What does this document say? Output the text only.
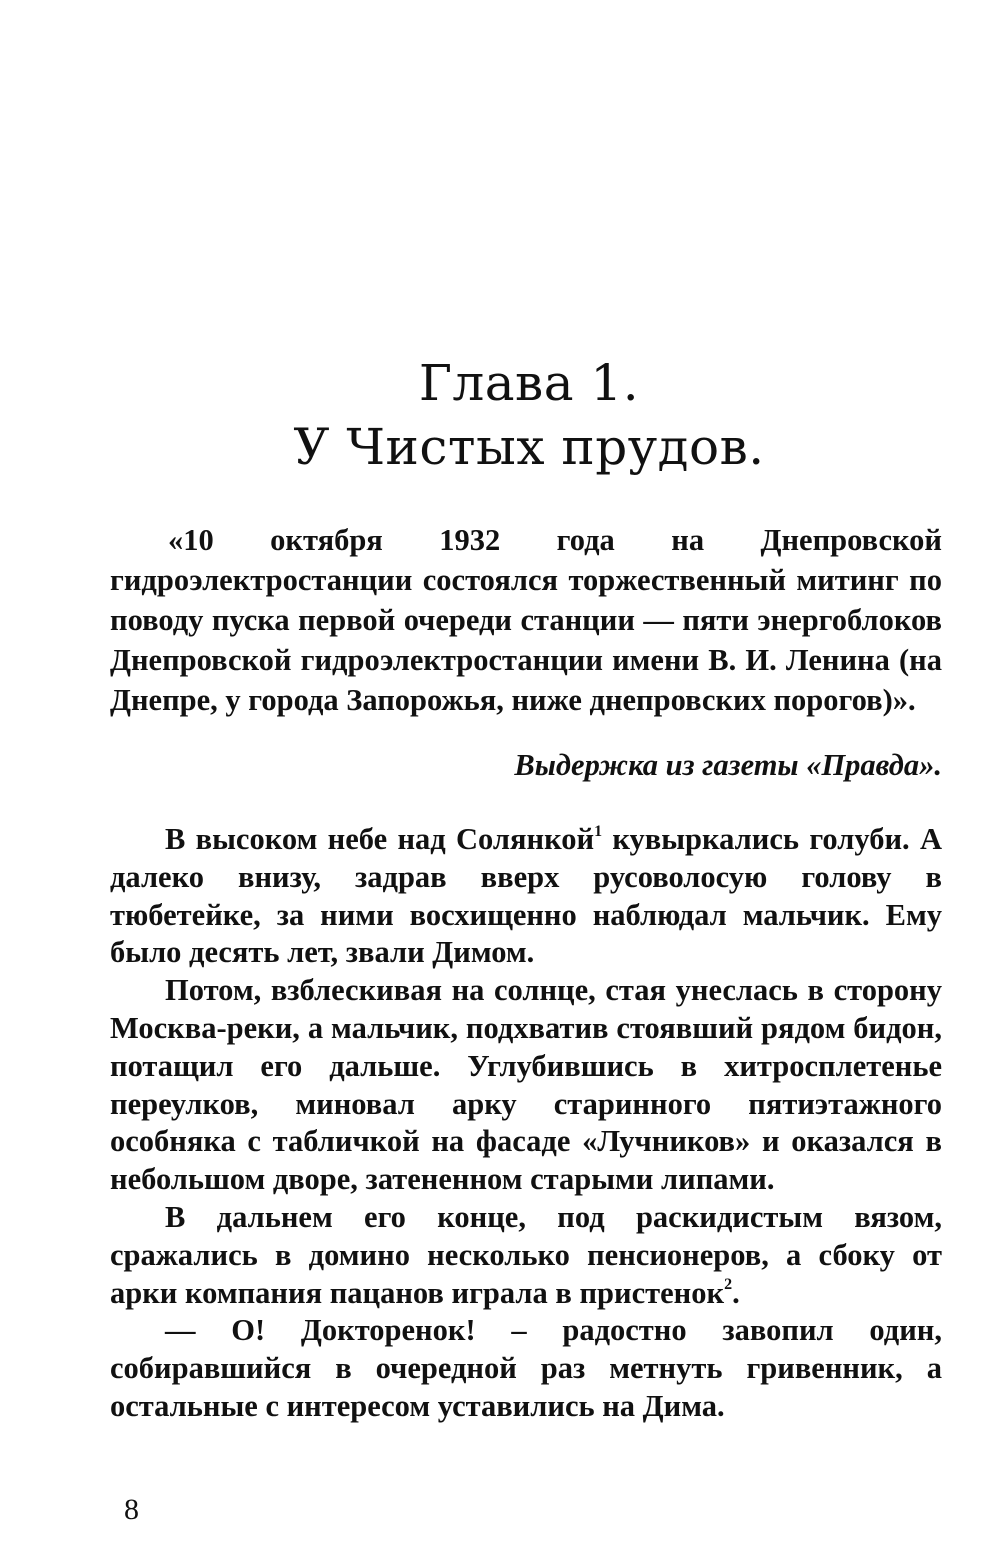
Глава 1.
У Чистых прудов.

«10 октября 1932 года на Днепровской гидроэлектростанции состоялся торжественный митинг по поводу пуска первой очереди станции — пяти энергоблоков Днепровской гидроэлектростанции имени В. И. Ленина (на Днепре, у города Запорожья, ниже днепровских порогов)».

Выдержка из газеты «Правда».

В высоком небе над Солянкой$^1$ кувыркались голуби. А далеко внизу, задрав вверх русоволосую голову в тюбетейке, за ними восхищенно наблюдал мальчик. Ему было десять лет, звали Димом.

Потом, взблескивая на солнце, стая унеслась в сторону Москва-реки, а мальчик, подхватив стоявший рядом бидон, потащил его дальше. Углубившись в хитросплетенье переулков, миновал арку старинного пятиэтажного особняка с табличкой на фасаде «Лучников» и оказался в небольшом дворе, затененном старыми липами.

В дальнем его конце, под раскидистым вязом, сражались в домино несколько пенсионеров, а сбоку от арки компания пацанов играла в пристенок$^2$.

— О! Докторенок! – радостно завопил один, собиравшийся в очередной раз метнуть гривенник, а остальные с интересом уставились на Дима.

8
